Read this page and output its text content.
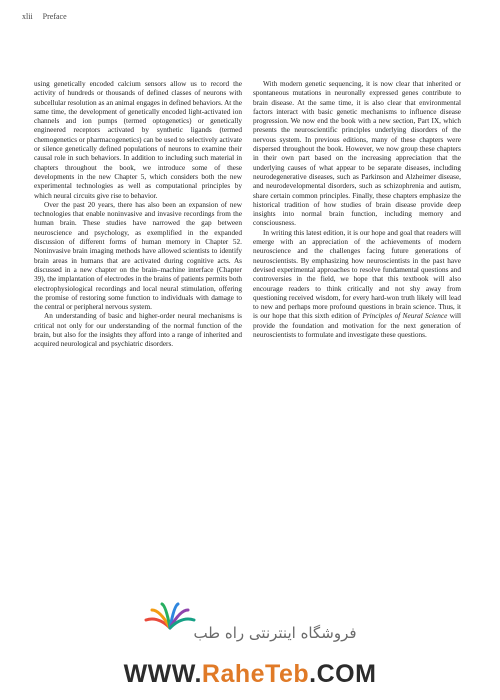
xlii Preface

using genetically encoded calcium sensors allow us to record the activity of hundreds or thousands of defined classes of neurons with subcellular resolution as an animal engages in defined behaviors. At the same time, the development of genetically encoded light-activated ion channels and ion pumps (termed optogenetics) or genetically engineered receptors activated by synthetic ligands (termed chemogenetics or pharmacogenetics) can be used to selectively activate or silence genetically defined populations of neurons to examine their causal role in such behaviors. In addition to including such material in chapters throughout the book, we introduce some of these developments in the new Chapter 5, which considers both the new experimental technologies as well as computational principles by which neural circuits give rise to behavior.

Over the past 20 years, there has also been an expansion of new technologies that enable noninvasive and invasive recordings from the human brain. These studies have narrowed the gap between neuroscience and psychology, as exemplified in the expanded discussion of different forms of human memory in Chapter 52. Noninvasive brain imaging methods have allowed scientists to identify brain areas in humans that are activated during cognitive acts. As discussed in a new chapter on the brain–machine interface (Chapter 39), the implantation of electrodes in the brains of patients permits both electrophysiological recordings and local neural stimulation, offering the promise of restoring some function to individuals with damage to the central or peripheral nervous system.

An understanding of basic and higher-order neural mechanisms is critical not only for our understanding of the normal function of the brain, but also for the insights they afford into a range of inherited and acquired neurological and psychiatric disorders.

With modern genetic sequencing, it is now clear that inherited or spontaneous mutations in neuronally expressed genes contribute to brain disease. At the same time, it is also clear that environmental factors interact with basic genetic mechanisms to influence disease progression. We now end the book with a new section, Part IX, which presents the neuroscientific principles underlying disorders of the nervous system. In previous editions, many of these chapters were dispersed throughout the book. However, we now group these chapters in their own part based on the increasing appreciation that the underlying causes of what appear to be separate diseases, including neurodegenerative diseases, such as Parkinson and Alzheimer disease, and neurodevelopmental disorders, such as schizophrenia and autism, share certain common principles. Finally, these chapters emphasize the historical tradition of how studies of brain disease provide deep insights into normal brain function, including memory and consciousness.

In writing this latest edition, it is our hope and goal that readers will emerge with an appreciation of the achievements of modern neuroscience and the challenges facing future generations of neuroscientists. By emphasizing how neuroscientists in the past have devised experimental approaches to resolve fundamental questions and controversies in the field, we hope that this textbook will also encourage readers to think critically and not shy away from questioning received wisdom, for every hard-won truth likely will lead to new and perhaps more profound questions in brain science. Thus, it is our hope that this sixth edition of Principles of Neural Science will provide the foundation and motivation for the next generation of neuroscientists to formulate and investigate these questions.

فروشگاه اینترنتی راه طب
WWW.RaheTeb.COM
